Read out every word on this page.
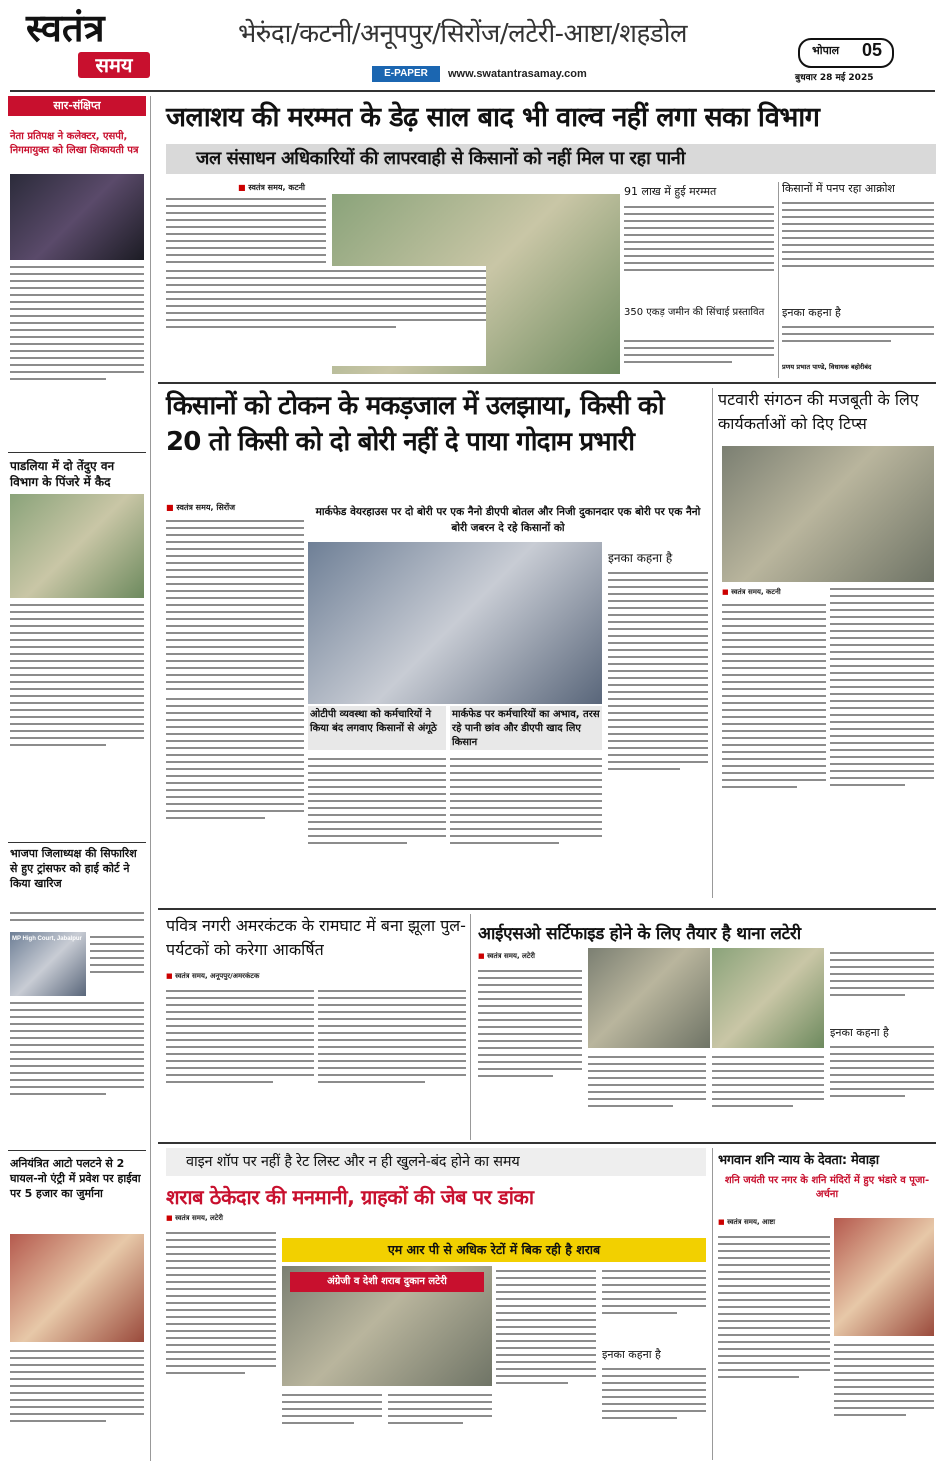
स्वतंत्र
समय
भेरुंदा/कटनी/अनूपपुर/सिरोंज/लटेरी-आष्टा/शहडोल
E-PAPER	www.swatantrasamay.com
भोपाल 05
बुधवार 28 मई 2025
सार-संक्षिप्त
नेता प्रतिपक्ष ने कलेक्टर, एसपी, निगमायुक्त को लिखा शिकायती पत्र
पाडलिया में दो तेंदुए वन विभाग के पिंजरे में कैद
भाजपा जिलाध्यक्ष की सिफारिश से हुए ट्रांसफर को हाई कोर्ट ने किया खारिज
MP High Court, Jabalpur
अनियंत्रित आटो पलटने से 2 घायल-नो एंट्री में प्रवेश पर हाईवा पर 5 हजार का जुर्माना
जलाशय की मरम्मत के डेढ़ साल बाद भी वाल्व नहीं लगा सका विभाग
जल संसाधन अधिकारियों की लापरवाही से किसानों को नहीं मिल पा रहा पानी
■ स्वतंत्र समय, कटनी	91 लाख में हुई मरम्मत
350 एकड़ जमीन की सिंचाई प्रस्तावित
किसानों में पनप रहा आक्रोश
इनका कहना है
प्रणय प्रभात पाण्डे, विधायक बहोरीबंद
किसानों को टोकन के मकड़जाल में उलझाया, किसी को 20 तो किसी को दो बोरी नहीं दे पाया गोदाम प्रभारी
■ स्वतंत्र समय, सिरोंज	मार्कफेड वेयरहाउस पर दो बोरी पर एक नैनो डीएपी बोतल और निजी दुकानदार एक बोरी पर एक नैनो बोरी जबरन दे रहे किसानों को
ओटीपी व्यवस्था को कर्मचारियों ने किया बंद लगवाए किसानों से अंगूठे
मार्कफेड पर कर्मचारियों का अभाव, तरस रहे पानी छांव और डीएपी खाद लिए किसान
इनका कहना है
पटवारी संगठन की मजबूती के लिए कार्यकर्ताओं को दिए टिप्स
■ स्वतंत्र समय, कटनी
पवित्र नगरी अमरकंटक के रामघाट में बना झूला पुल- पर्यटकों को करेगा आकर्षित
■ स्वतंत्र समय, अनूपपुर/अमरकंटक
आईएसओ सर्टिफाइड होने के लिए तैयार है थाना लटेरी
■ स्वतंत्र समय, लटेरी
इनका कहना है
वाइन शॉप पर नहीं है रेट लिस्ट और न ही खुलने-बंद होने का समय
शराब ठेकेदार की मनमानी, ग्राहकों की जेब पर डांका
■ स्वतंत्र समय, लटेरी
एम आर पी से अधिक रेटों में बिक रही है शराब
अंग्रेजी व देशी शराब दुकान लटेरी
इनका कहना है
भगवान शनि न्याय के देवता: मेवाड़ा
शनि जयंती पर नगर के शनि मंदिरों में हुए भंडारे व पूजा-अर्चना
■ स्वतंत्र समय, आष्टा
